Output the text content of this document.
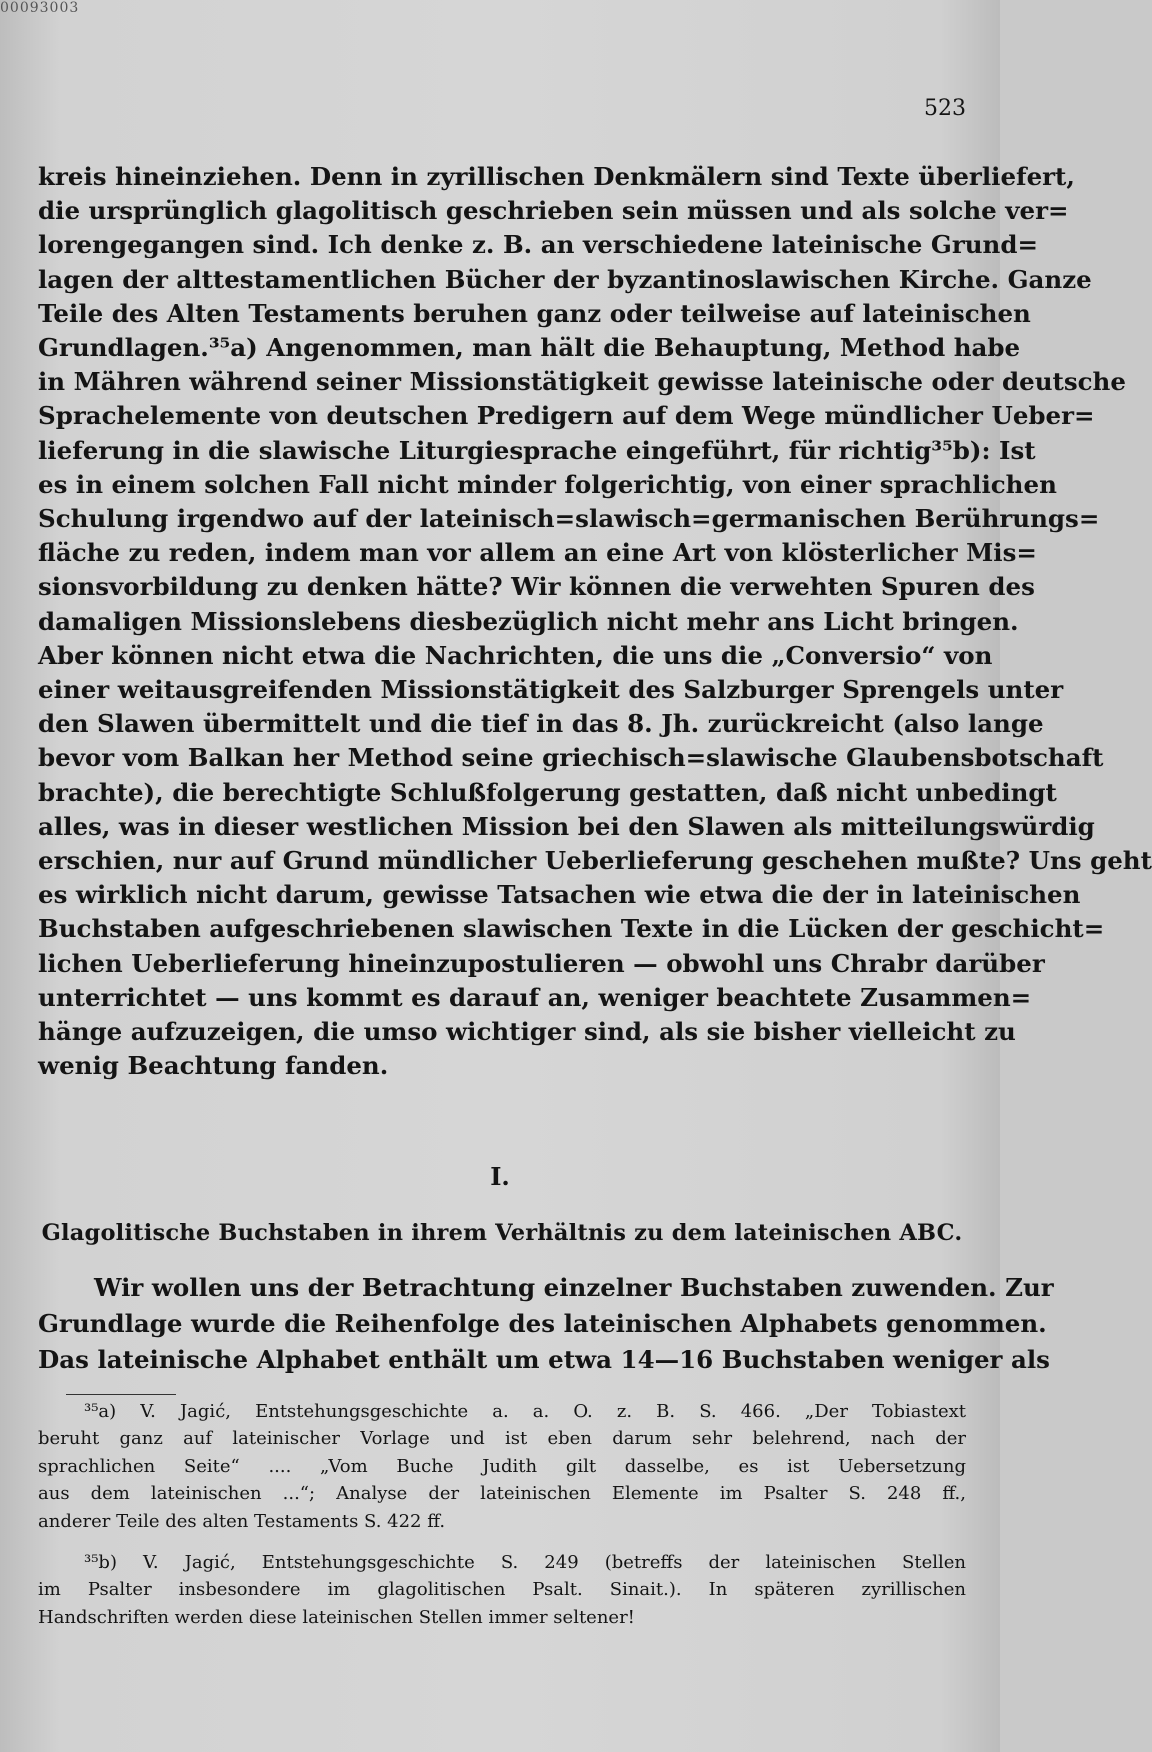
00093003
523
kreis hineinziehen. Denn in zyrillischen Denkmälern sind Texte überliefert,
die ursprünglich glagolitisch geschrieben sein müssen und als solche ver=
lorengegangen sind. Ich denke z. B. an verschiedene lateinische Grund=
lagen der alttestamentlichen Bücher der byzantinoslawischen Kirche. Ganze
Teile des Alten Testaments beruhen ganz oder teilweise auf lateinischen
Grundlagen.³⁵a) Angenommen, man hält die Behauptung, Method habe
in Mähren während seiner Missionstätigkeit gewisse lateinische oder deutsche
Sprachelemente von deutschen Predigern auf dem Wege mündlicher Ueber=
lieferung in die slawische Liturgiesprache eingeführt, für richtig³⁵b): Ist
es in einem solchen Fall nicht minder folgerichtig, von einer sprachlichen
Schulung irgendwo auf der lateinisch=slawisch=germanischen Berührungs=
fläche zu reden, indem man vor allem an eine Art von klösterlicher Mis=
sionsvorbildung zu denken hätte? Wir können die verwehten Spuren des
damaligen Missionslebens diesbezüglich nicht mehr ans Licht bringen.
Aber können nicht etwa die Nachrichten, die uns die „Conversio“ von
einer weitausgreifenden Missionstätigkeit des Salzburger Sprengels unter
den Slawen übermittelt und die tief in das 8. Jh. zurückreicht (also lange
bevor vom Balkan her Method seine griechisch=slawische Glaubensbotschaft
brachte), die berechtigte Schlußfolgerung gestatten, daß nicht unbedingt
alles, was in dieser westlichen Mission bei den Slawen als mitteilungswürdig
erschien, nur auf Grund mündlicher Ueberlieferung geschehen mußte? Uns geht
es wirklich nicht darum, gewisse Tatsachen wie etwa die der in lateinischen
Buchstaben aufgeschriebenen slawischen Texte in die Lücken der geschicht=
lichen Ueberlieferung hineinzupostulieren — obwohl uns Chrabr darüber
unterrichtet — uns kommt es darauf an, weniger beachtete Zusammen=
hänge aufzuzeigen, die umso wichtiger sind, als sie bisher vielleicht zu
wenig Beachtung fanden.
I.
Glagolitische Buchstaben in ihrem Verhältnis zu dem lateinischen ABC.
Wir wollen uns der Betrachtung einzelner Buchstaben zuwenden. Zur
Grundlage wurde die Reihenfolge des lateinischen Alphabets genommen.
Das lateinische Alphabet enthält um etwa 14—16 Buchstaben weniger als
³⁵a) V. Jagić, Entstehungsgeschichte a. a. O. z. B. S. 466. „Der Tobiastext
beruht ganz auf lateinischer Vorlage und ist eben darum sehr belehrend, nach der
sprachlichen Seite“ .... „Vom Buche Judith gilt dasselbe, es ist Uebersetzung
aus dem lateinischen ...“; Analyse der lateinischen Elemente im Psalter S. 248 ff.,
anderer Teile des alten Testaments S. 422 ff.
³⁵b) V. Jagić, Entstehungsgeschichte S. 249 (betreffs der lateinischen Stellen
im Psalter insbesondere im glagolitischen Psalt. Sinait.). In späteren zyrillischen
Handschriften werden diese lateinischen Stellen immer seltener!
